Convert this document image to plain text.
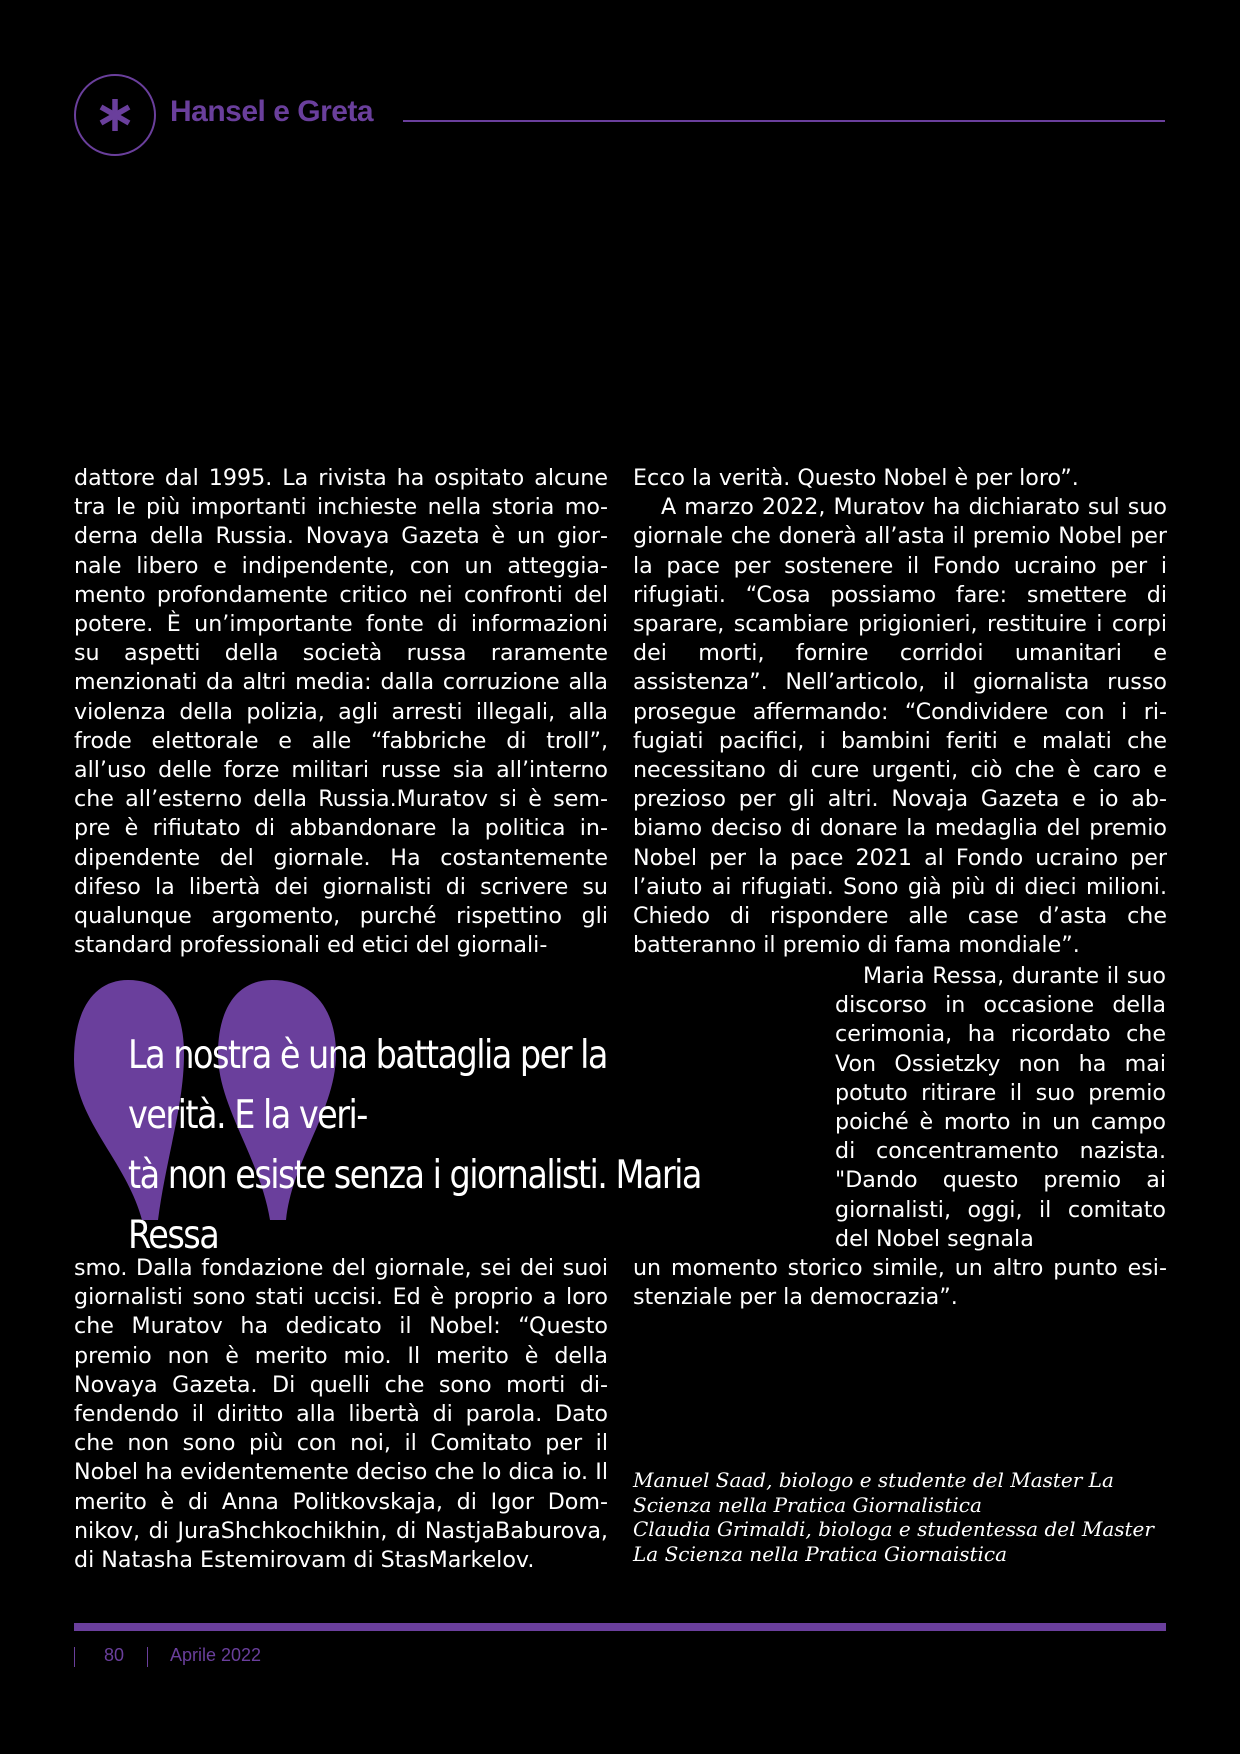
Hansel e Greta

dattore dal 1995. La rivista ha ospitato alcune tra le più importanti inchieste nella storia moderna della Russia. Novaya Gazeta è un giornale libero e indipendente, con un atteggiamento profondamente critico nei confronti del potere. È un’importante fonte di informazioni su aspetti della società russa raramente menzionati da altri media: dalla corruzione alla violenza della polizia, agli arresti illegali, alla frode elettorale e alle “fabbriche di troll”, all’uso delle forze militari russe sia all’interno che all’esterno della Russia.Muratov si è sempre è rifiutato di abbandonare la politica indipendente del giornale. Ha costantemente difeso la libertà dei giornalisti di scrivere su qualunque argomento, purché rispettino gli standard professionali ed etici del giornali-

Ecco la verità. Questo Nobel è per loro”.

A marzo 2022, Muratov ha dichiarato sul suo giornale che donerà all’asta il premio Nobel per la pace per sostenere il Fondo ucraino per i rifugiati. “Cosa possiamo fare: smettere di sparare, scambiare prigionieri, restituire i corpi dei morti, fornire corridoi umanitari e assistenza”. Nell’articolo, il giornalista russo prosegue affermando: “Condividere con i rifugiati pacifici, i bambini feriti e malati che necessitano di cure urgenti, ciò che è caro e prezioso per gli altri. Novaja Gazeta e io abbiamo deciso di donare la medaglia del premio Nobel per la pace 2021 al Fondo ucraino per l’aiuto ai rifugiati. Sono già più di dieci milioni. Chiedo di rispondere alle case d’asta che batteranno il premio di fama mondiale”.

Maria Ressa, durante il suo discorso in occasione della cerimonia, ha ricordato che Von Ossietzky non ha mai potuto ritirare il suo premio poiché è morto in un campo di concentramento nazista. "Dando questo premio ai giornalisti, oggi, il comitato del Nobel segnala

La nostra è una battaglia per la verità. E la veri-
tà non esiste senza i giornalisti. Maria Ressa

smo. Dalla fondazione del giornale, sei dei suoi giornalisti sono stati uccisi. Ed è proprio a loro che Muratov ha dedicato il Nobel: “Questo premio non è merito mio. Il merito è della Novaya Gazeta. Di quelli che sono morti difendendo il diritto alla libertà di parola. Dato che non sono più con noi, il Comitato per il Nobel ha evidentemente deciso che lo dica io. Il merito è di Anna Politkovskaja, di Igor Domnikov, di JuraShchkochikhin, di NastjaBaburova, di Natasha Estemirovam di StasMarkelov.

un momento storico simile, un altro punto esistenziale per la democrazia”.

Manuel Saad, biologo e studente del Master La Scienza nella Pratica Giornalistica

Claudia Grimaldi, biologa e studentessa del Master La Scienza nella Pratica Giornaistica

80	Aprile 2022
